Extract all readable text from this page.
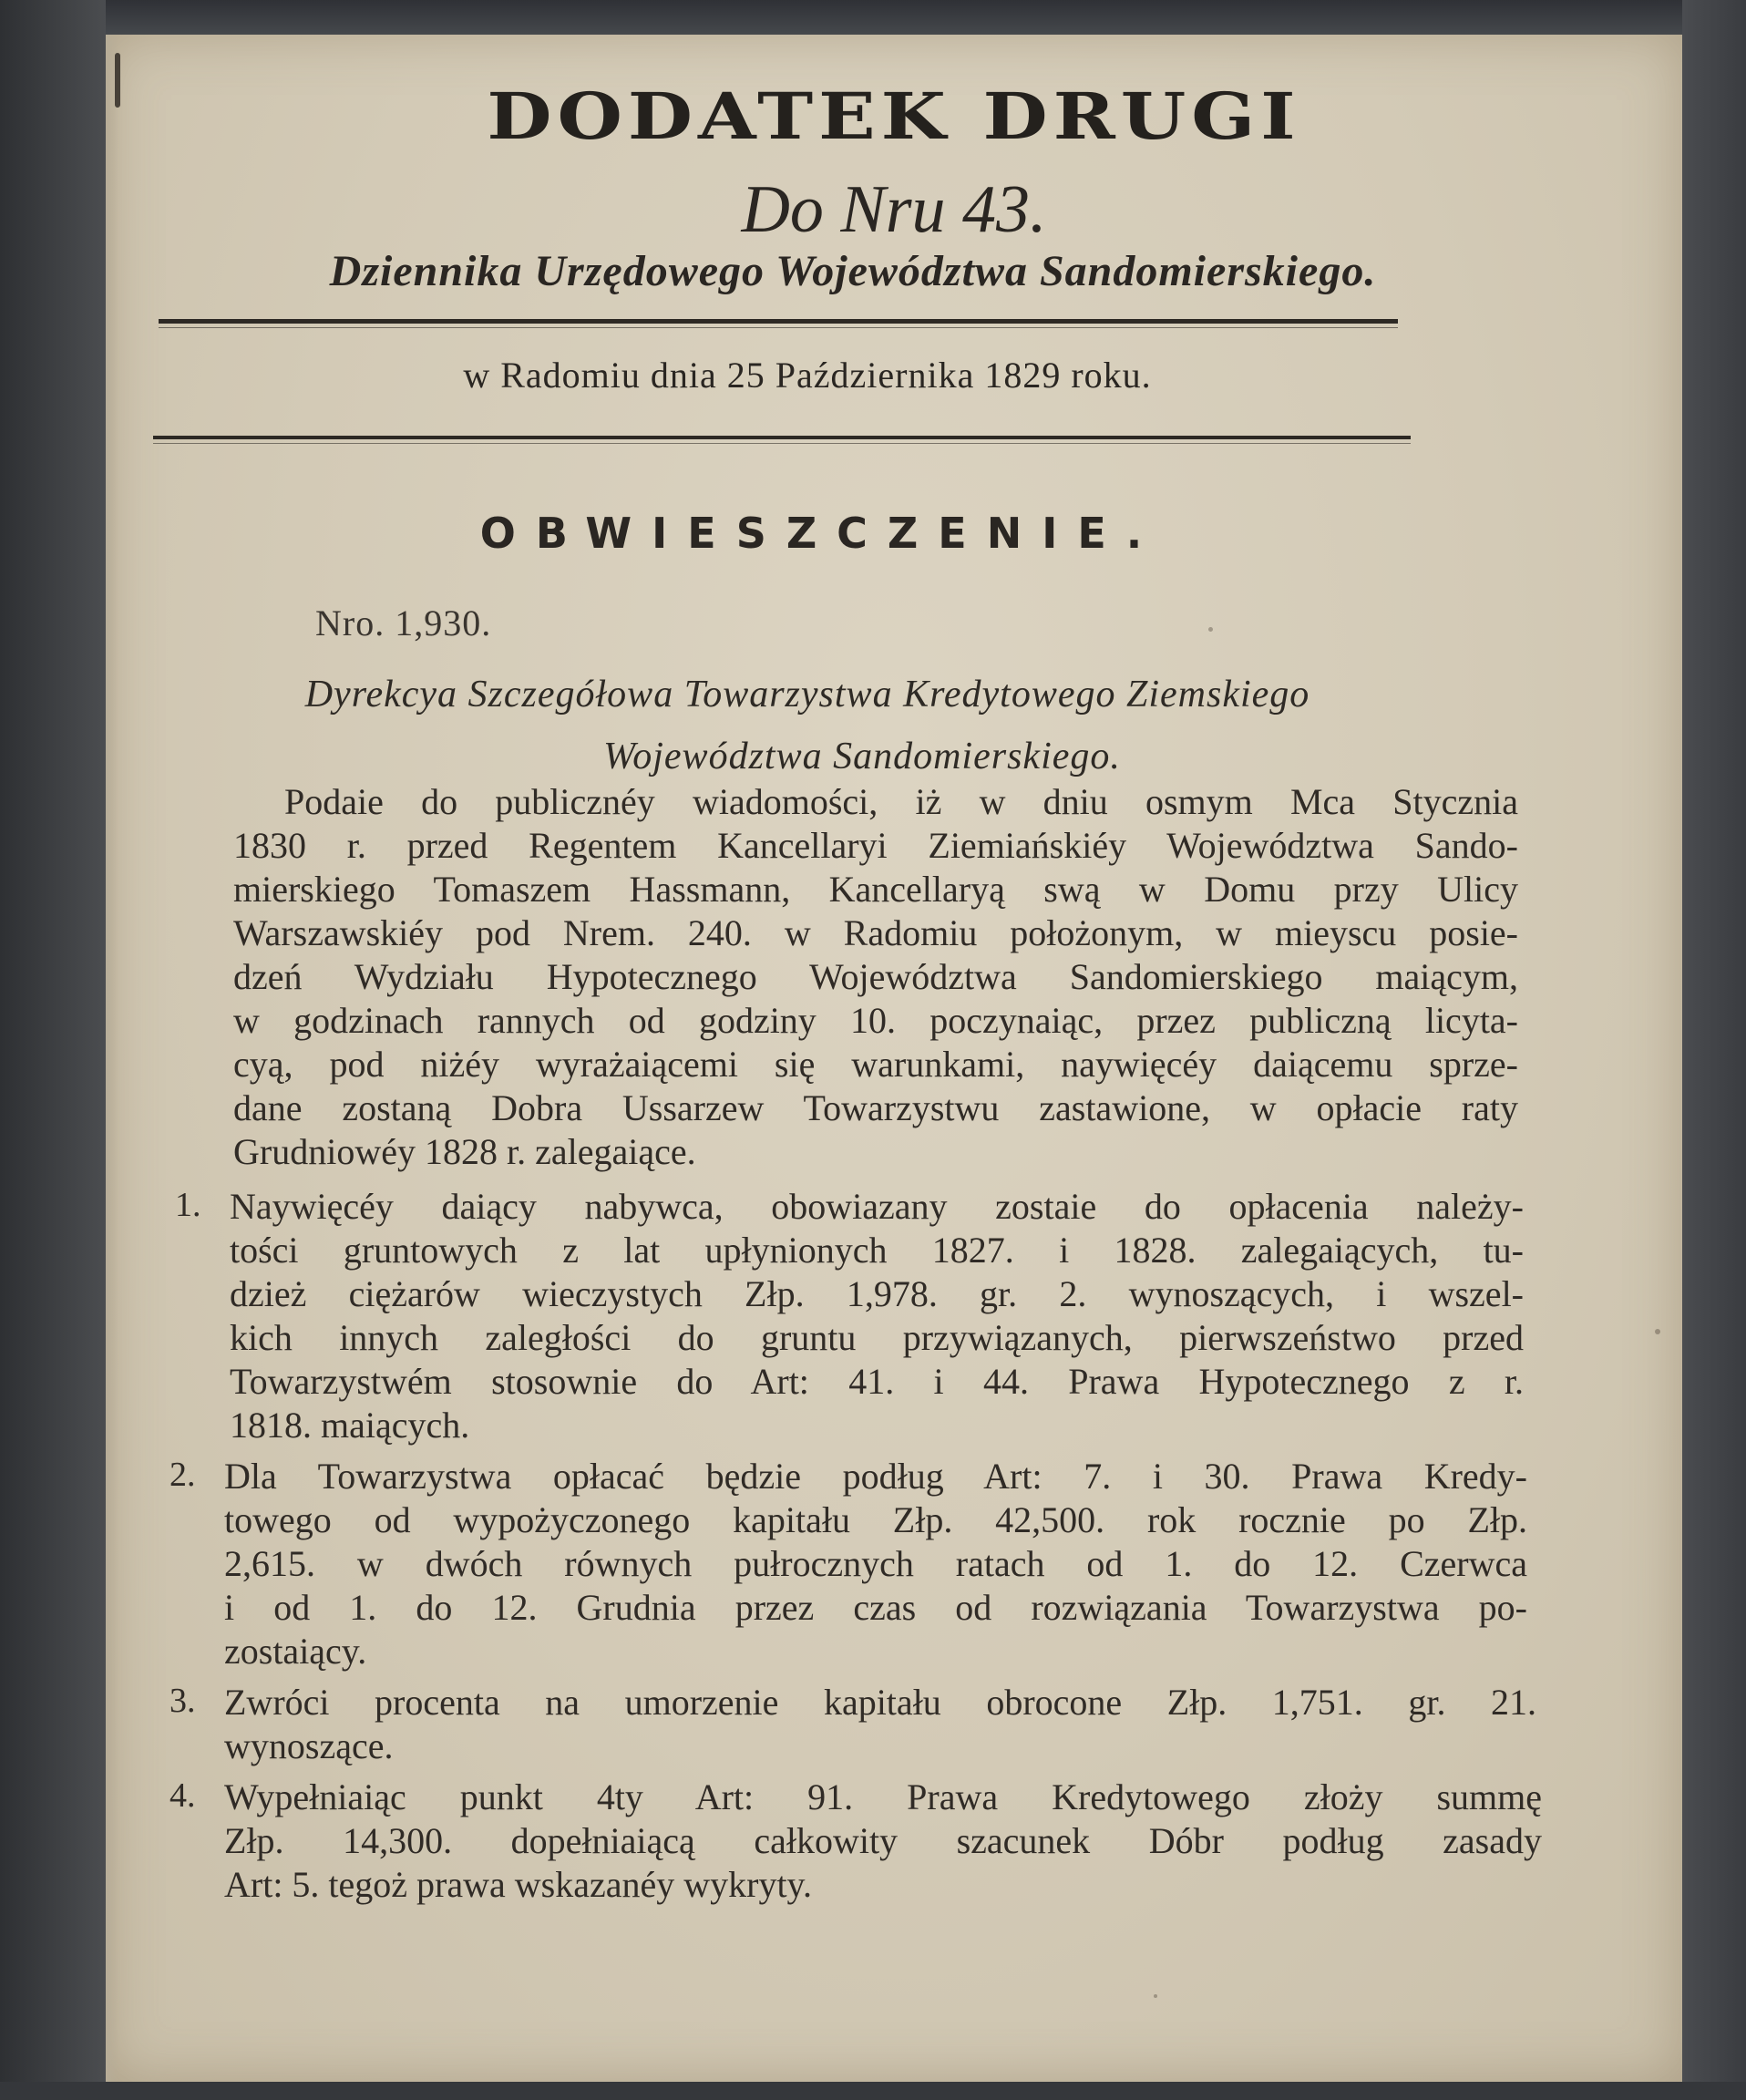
DODATEK DRUGI
Do Nru 43.
Dziennika Urzędowego Województwa Sandomierskiego.
w Radomiu dnia 25 Października 1829 roku.
OBWIESZCZENIE.
Nro. 1,930.
Dyrekcya Szczegółowa Towarzystwa Kredytowego Ziemskiego
Województwa Sandomierskiego.
Podaie do publicznéy wiadomości, iż w dniu osmym Mca Stycznia
1830 r. przed Regentem Kancellaryi Ziemiańskiéy Województwa Sando-
mierskiego Tomaszem Hassmann, Kancellaryą swą w Domu przy Ulicy
Warszawskiéy pod Nrem. 240. w Radomiu położonym, w mieyscu posie-
dzeń Wydziału Hypotecznego Województwa Sandomierskiego maiącym,
w godzinach rannych od godziny 10. poczynaiąc, przez publiczną licyta-
cyą, pod niżéy wyrażaiącemi się warunkami, naywięcéy daiącemu sprze-
dane zostaną Dobra Ussarzew Towarzystwu zastawione, w opłacie raty
Grudniowéy 1828 r. zalegaiące.
1. Naywięcéy daiący nabywca, obowiazany zostaie do opłacenia należy-
tości gruntowych z lat upłynionych 1827. i 1828. zalegaiących, tu-
dzież ciężarów wieczystych Złp. 1,978. gr. 2. wynoszących, i wszel-
kich innych zaległości do gruntu przywiązanych, pierwszeństwo przed
Towarzystwém stosownie do Art: 41. i 44. Prawa Hypotecznego z r.
1818. maiących.
2. Dla Towarzystwa opłacać będzie podług Art: 7. i 30. Prawa Kredy-
towego od wypożyczonego kapitału Złp. 42,500. rok rocznie po Złp.
2,615. w dwóch równych pułrocznych ratach od 1. do 12. Czerwca
i od 1. do 12. Grudnia przez czas od rozwiązania Towarzystwa po-
zostaiący.
3. Zwróci procenta na umorzenie kapitału obrocone Złp. 1,751. gr. 21.
wynoszące.
4. Wypełniaiąc punkt 4ty Art: 91. Prawa Kredytowego złoży summę
Złp. 14,300. dopełniaiącą całkowity szacunek Dóbr podług zasady
Art: 5. tegoż prawa wskazanéy wykryty.
